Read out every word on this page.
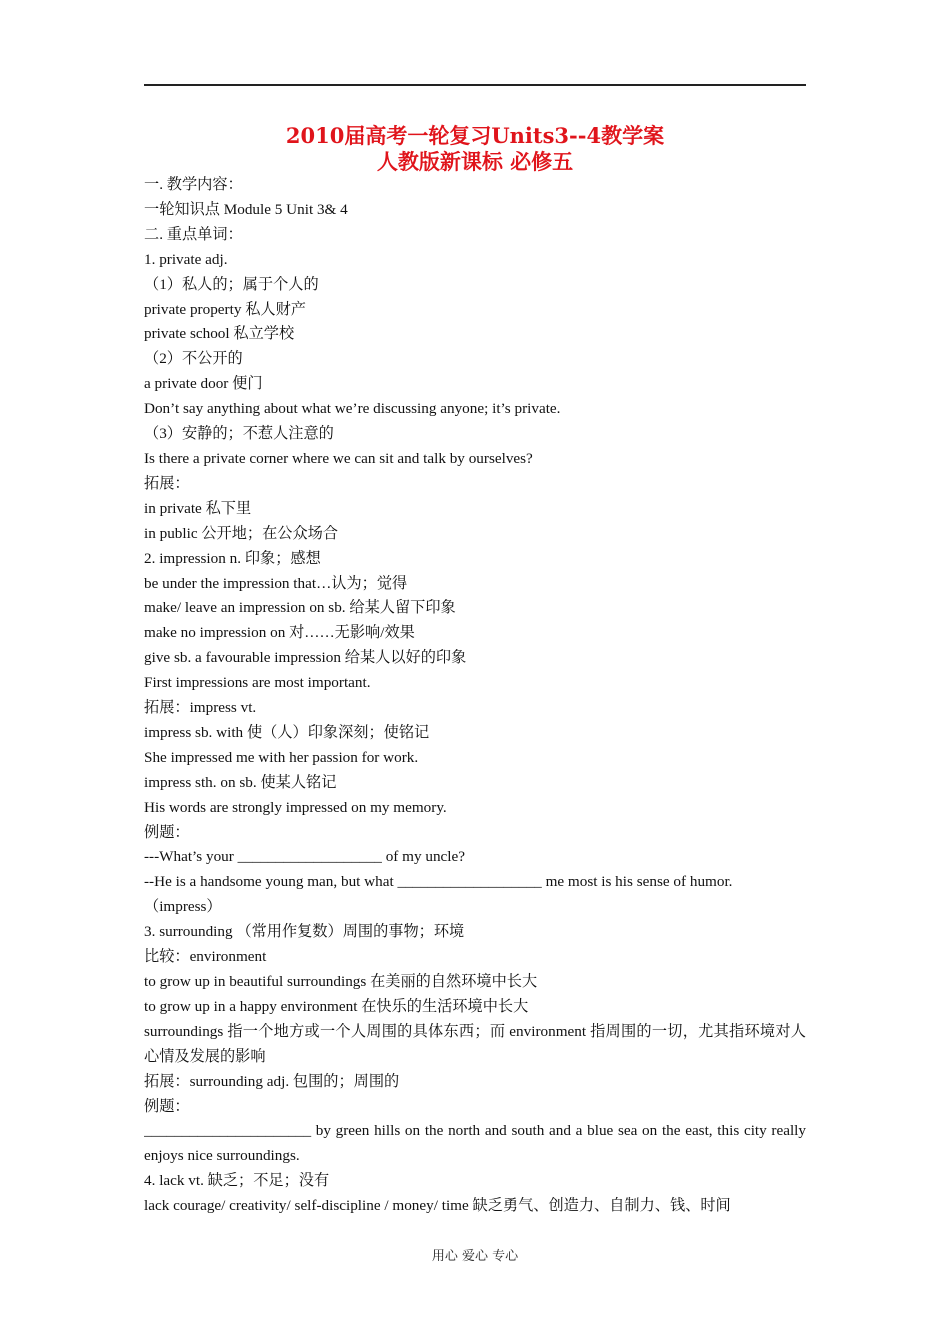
2010届高考一轮复习Units3--4教学案
人教版新课标 必修五
一. 教学内容：
一轮知识点 Module 5 Unit 3& 4
二. 重点单词：
1. private adj.
（1）私人的；属于个人的
private property 私人财产
private school 私立学校
（2）不公开的
a private door 便门
Don’t say anything about what we’re discussing anyone; it’s private.
（3）安静的；不惹人注意的
Is there a private corner where we can sit and talk by ourselves?
拓展：
in private 私下里
in public 公开地；在公众场合
2. impression n. 印象；感想
be under the impression that…认为；觉得
make/ leave an impression on sb. 给某人留下印象
make no impression on 对……无影响/效果
give sb. a favourable impression 给某人以好的印象
First impressions are most important.
拓展：impress vt.
impress sb. with 使（人）印象深刻；使铭记
She impressed me with her passion for work.
impress sth. on sb. 使某人铭记
His words are strongly impressed on my memory.
例题：
---What’s your ___________________ of my uncle?
--He is a handsome young man, but what ___________________ me most is his sense of humor.
（impress）
3. surrounding （常用作复数）周围的事物；环境
比较：environment
to grow up in beautiful surroundings 在美丽的自然环境中长大
to grow up in a happy environment 在快乐的生活环境中长大
surroundings 指一个地方或一个人周围的具体东西；而 environment 指周围的一切，尤其指环境对人心情及发展的影响
拓展：surrounding adj. 包围的；周围的
例题：
______________________ by green hills on the north and south and a blue sea on the east, this city really enjoys nice surroundings.
4. lack vt. 缺乏；不足；没有
lack courage/ creativity/ self-discipline / money/ time 缺乏勇气、创造力、自制力、钱、时间
用心 爱心 专心
